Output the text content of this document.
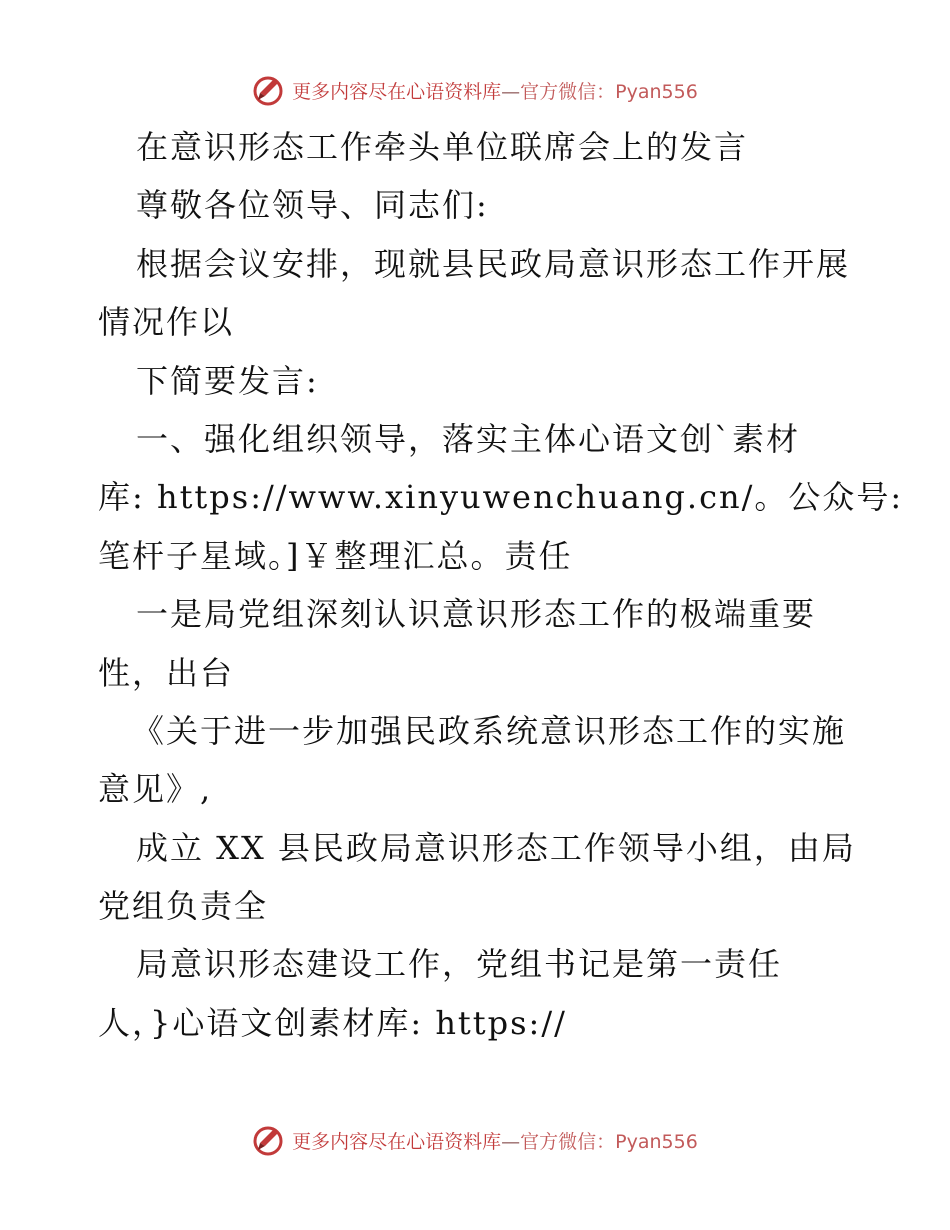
更多内容尽在心语资料库—官方微信：Pyan556

在意识形态工作牵头单位联席会上的发言

尊敬各位领导、同志们:

根据会议安排，现就县民政局意识形态工作开展

情况作以

下简要发言:

一、强化组织领导，落实主体心语文创`素材

库: https://www.xinyuwenchuang.cn/。公众号:

笔杆子星域。]￥整理汇总。责任

一是局党组深刻认识意识形态工作的极端重要

性，出台

《关于进一步加强民政系统意识形态工作的实施

意见》,

成立 XX 县民政局意识形态工作领导小组，由局

党组负责全

局意识形态建设工作，党组书记是第一责任

人，}心语文创素材库: https://

更多内容尽在心语资料库—官方微信：Pyan556
